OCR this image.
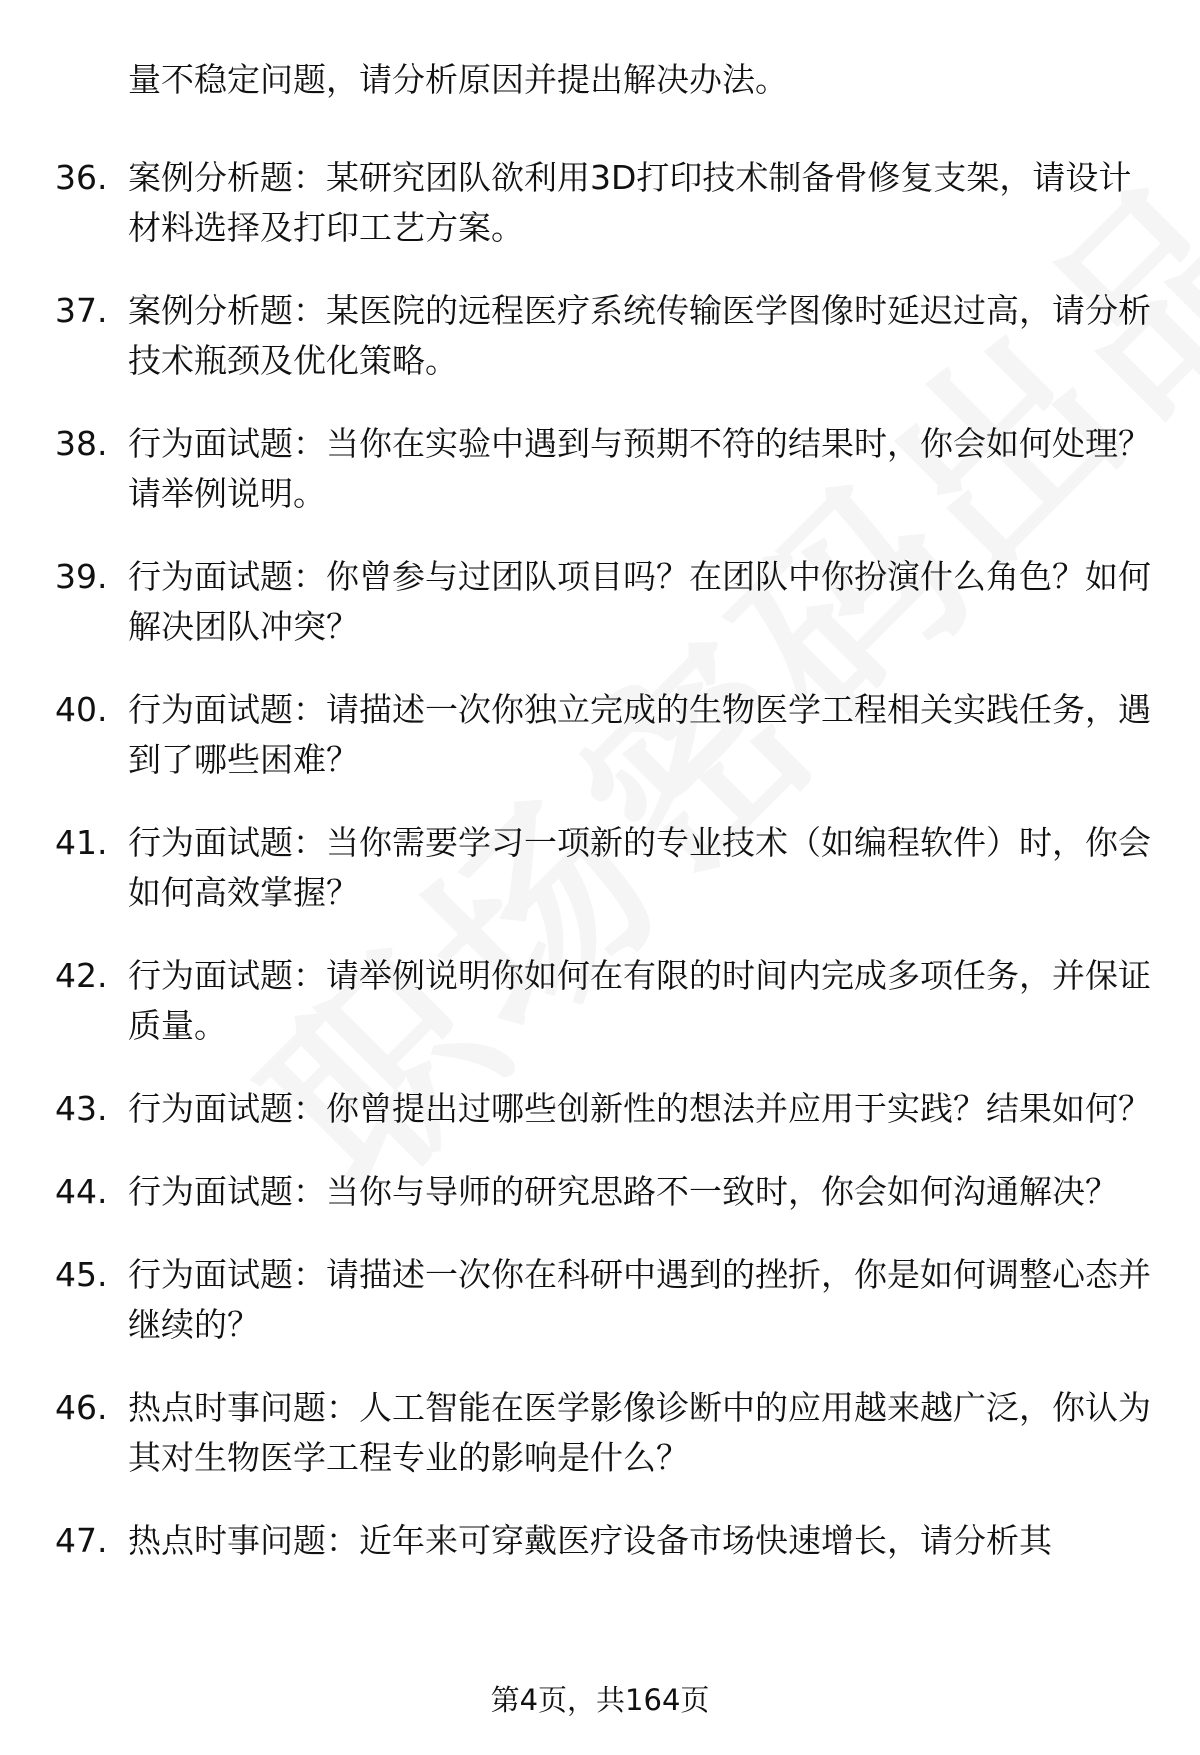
量不稳定问题，请分析原因并提出解决办法。
36. 案例分析题：某研究团队欲利用3D打印技术制备骨修复支架，请设计材料选择及打印工艺方案。
37. 案例分析题：某医院的远程医疗系统传输医学图像时延迟过高，请分析技术瓶颈及优化策略。
38. 行为面试题：当你在实验中遇到与预期不符的结果时，你会如何处理？请举例说明。
39. 行为面试题：你曾参与过团队项目吗？在团队中你扮演什么角色？如何解决团队冲突？
40. 行为面试题：请描述一次你独立完成的生物医学工程相关实践任务，遇到了哪些困难？
41. 行为面试题：当你需要学习一项新的专业技术（如编程软件）时，你会如何高效掌握？
42. 行为面试题：请举例说明你如何在有限的时间内完成多项任务，并保证质量。
43. 行为面试题：你曾提出过哪些创新性的想法并应用于实践？结果如何？
44. 行为面试题：当你与导师的研究思路不一致时，你会如何沟通解决？
45. 行为面试题：请描述一次你在科研中遇到的挫折，你是如何调整心态并继续的？
46. 热点时事问题：人工智能在医学影像诊断中的应用越来越广泛，你认为其对生物医学工程专业的影响是什么？
47. 热点时事问题：近年来可穿戴医疗设备市场快速增长，请分析其
第4页，共164页
